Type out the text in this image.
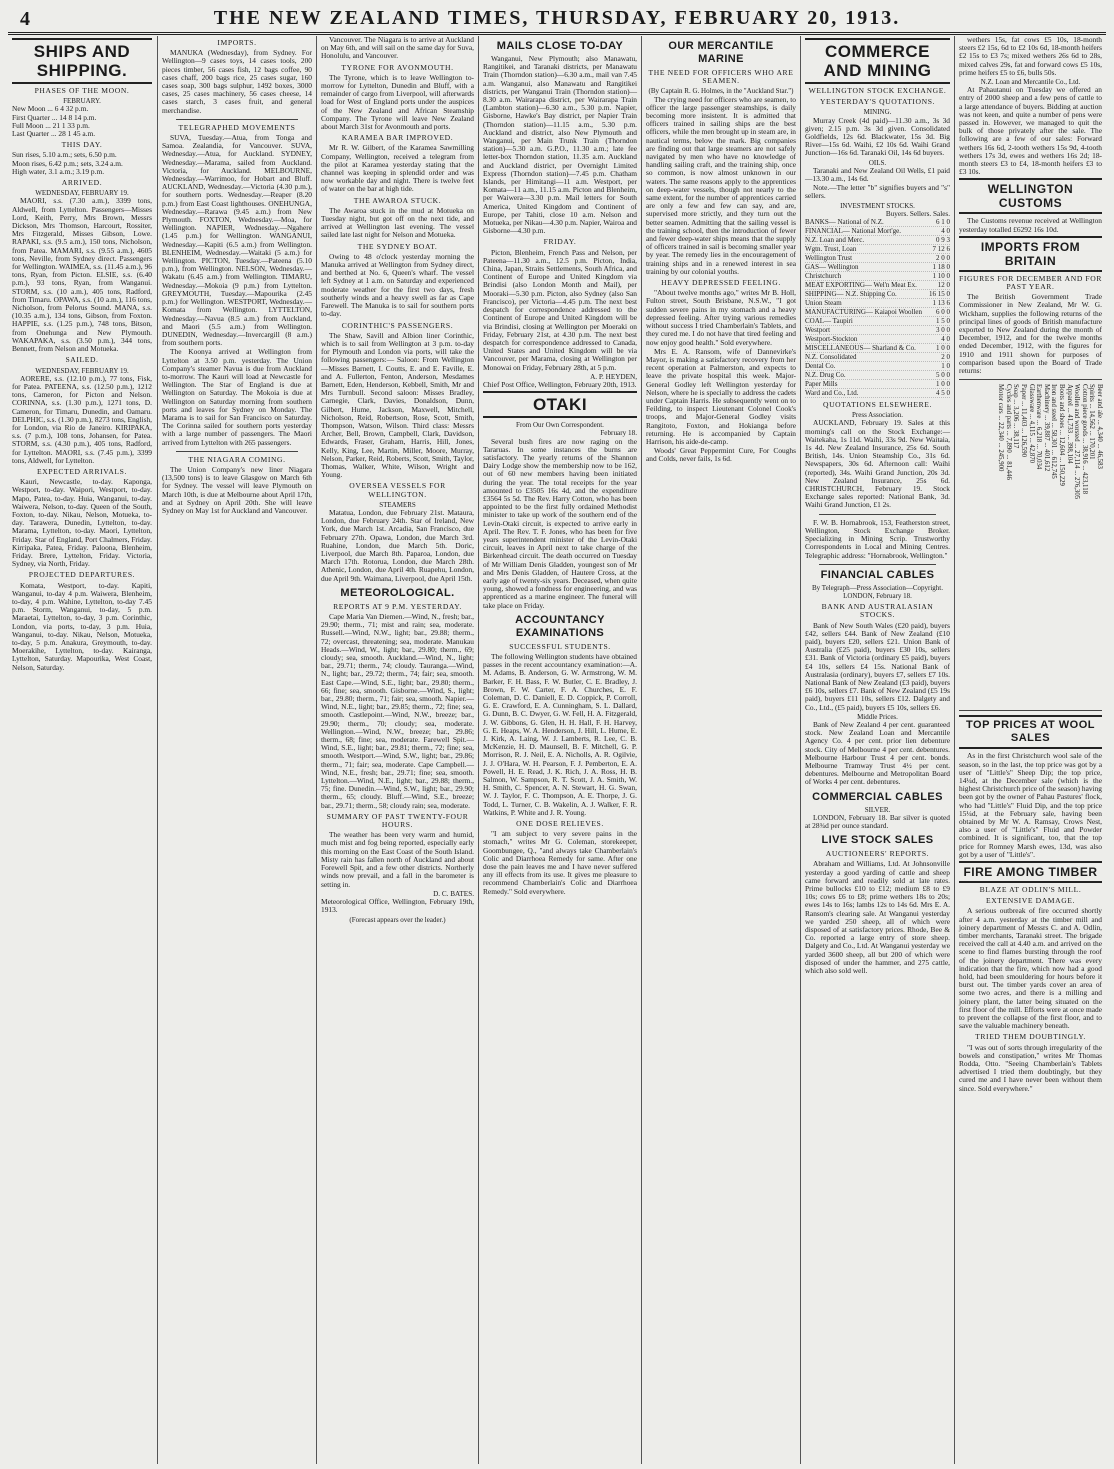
4	THE NEW ZEALAND TIMES, THURSDAY, FEBRUARY 20, 1913.
SHIPS AND SHIPPING.
PHASES OF THE MOON.
FEBRUARY.
New Moon ... 6 4 32 p.m.
First Quarter ... 14 8 14 p.m.
Full Moon ... 21 1 33 p.m.
Last Quarter ... 28 1 45 a.m.
THIS DAY.
Sun rises, 5.10 a.m.; sets, 6.50 p.m.
Moon rises, 6.42 p.m.; sets, 3.24 a.m.
High water, 3.1 a.m.; 3.19 p.m.
ARRIVED.
WEDNESDAY, FEBRUARY 19.
MAORI, s.s. (7.30 a.m.), 3399 tons, Aldwell, from Lyttelton. Passengers—Misses Lord, Keith, Perry, Mrs Brown, Messrs Dickson, Mrs Thomson, Harcourt, Rossiter, Mrs Fitzgerald, Misses Gibson, Lowe. RAPAKI, s.s. (9.5 a.m.), 150 tons, Nicholson, from Patea. MAMARI, s.s. (9.55 a.m.), 4605 tons, Neville, from Sydney direct. Passengers for Wellington. WAIMEA, s.s. (11.45 a.m.), 96 tons, Ryan, from Picton. ELSIE, s.s. (6.40 p.m.), 93 tons, Ryan, from Wanganui. STORM, s.s. (10 a.m.), 405 tons, Radford, from Timaru. OPAWA, s.s. (10 a.m.), 116 tons, Nicholson, from Pelorus Sound. MANA, s.s. (10.35 a.m.), 134 tons, Gibson, from Foxton. HAPPIE, s.s. (1.25 p.m.), 748 tons, Bitson, from Onehunga and New Plymouth. WAKAPAKA, s.s. (3.50 p.m.), 344 tons, Bennett, from Nelson and Motueka.
SAILED.
WEDNESDAY, FEBRUARY 19.
AORERE, s.s. (12.10 p.m.), 77 tons, Fisk, for Patea. PATEENA, s.s. (12.50 p.m.), 1212 tons, Cameron, for Picton and Nelson. CORINNA, s.s. (1.30 p.m.), 1271 tons, D. Cameron, for Timaru, Dunedin, and Oamaru. DELPHIC, s.s. (1.30 p.m.), 8273 tons, English, for London, via Rio de Janeiro. KIRIPAKA, s.s. (7 p.m.), 108 tons, Johansen, for Patea. STORM, s.s. (4.30 p.m.), 405 tons, Radford, for Lyttelton. MAORI, s.s. (7.45 p.m.), 3399 tons, Aldwell, for Lyttelton.
EXPECTED ARRIVALS.
Kauri, Newcastle, to-day. Kaponga, Westport, to-day. Waipori, Westport, to-day. Mapo, Patea, to-day. Huia, Wanganui, to-day. Waiwera, Nelson, to-day. Queen of the South, Foxton, to-day. Nikau, Nelson, Motueka, to-day. Tarawera, Dunedin, Lyttelton, to-day. Marama, Lyttelton, to-day. Maori, Lyttelton, Friday. Star of England, Port Chalmers, Friday. Kirripaka, Patea, Friday. Paloona, Blenheim, Friday. Brere, Lyttelton, Friday. Victoria, Sydney, via North, Friday.
PROJECTED DEPARTURES.
Komata, Westport, to-day. Kapiti, Wanganui, to-day 4 p.m. Waiwera, Blenheim, to-day, 4 p.m. Wahine, Lyttelton, to-day 7.45 p.m. Storm, Wanganui, to-day, 5 p.m. Maraetai, Lyttelton, to-day, 3 p.m. Corinthic, London, via ports, to-day, 3 p.m. Huia, Wanganui, to-day. Nikau, Nelson, Motueka, to-day, 5 p.m. Anakura, Greymouth, to-day. Moerakihe, Lyttelton, to-day. Kairanga, Lyttelton, Saturday. Mapourika, West Coast, Nelson, Saturday.
IMPORTS.
MANUKA (Wednesday), from Sydney. For Wellington—9 cases toys, 14 cases tools, 200 pieces timber, 56 cases fish, 12 bags coffee, 90 cases chaff, 200 bags rice, 25 cases sugar, 160 cases soap, 300 bags sulphur, 1492 boxes, 3000 cases, 25 cases machinery, 56 cases cheese, 14 cases starch, 3 cases fruit, and general merchandise.
TELEGRAPHED MOVEMENTS
SUVA, Tuesday.—Atua, from Tonga and Samoa. Zealandia, for Vancouver. SUVA, Wednesday.—Atua, for Auckland. SYDNEY, Wednesday.—Marama, sailed from Auckland. Victoria, for Auckland. MELBOURNE, Wednesday.—Warrimoo, for Hobart and Bluff. AUCKLAND, Wednesday.—Victoria (4.30 p.m.), for southern ports. Wednesday.—Reaper (8.20 p.m.) from East Coast lighthouses. ONEHUNGA, Wednesday.—Rarawa (9.45 a.m.) from New Plymouth. FOXTON, Wednesday.—Moa, for Wellington. NAPIER, Wednesday.—Ngahere (1.45 p.m.) for Wellington. WANGANUI, Wednesday.—Kapiti (6.5 a.m.) from Wellington. BLENHEIM, Wednesday.—Waitaki (5 a.m.) for Wellington. PICTON, Tuesday.—Pateena (5.10 p.m.), from Wellington. NELSON, Wednesday.—Wakatu (6.45 a.m.) from Wellington. TIMARU, Wednesday.—Mokoia (9 p.m.) from Lyttelton. GREYMOUTH, Tuesday.—Mapourika (2.45 p.m.) for Wellington. WESTPORT, Wednesday.—Komata from Wellington. LYTTELTON, Wednesday.—Navua (8.5 a.m.) from Auckland, and Maori (5.5 a.m.) from Wellington. DUNEDIN, Wednesday.—Invercargill (8 a.m.) from southern ports.
The Koonya arrived at Wellington from Lyttelton at 3.50 p.m. yesterday. The Union Company's steamer Navua is due from Auckland to-morrow. The Kauri will load at Newcastle for Wellington. The Star of England is due at Wellington on Saturday. The Mokoia is due at Wellington on Saturday morning from southern ports and leaves for Sydney on Monday. The Marama is to sail for San Francisco on Saturday. The Corinna sailed for southern ports yesterday with a large number of passengers. The Maori arrived from Lyttelton with 265 passengers.
THE NIAGARA COMING.
The Union Company's new liner Niagara (13,500 tons) is to leave Glasgow on March 6th for Sydney. The vessel will leave Plymouth on March 10th, is due at Melbourne about April 17th, and at Sydney on April 20th. She will leave Sydney on May 1st for Auckland and Vancouver.
Vancouver. The Niagara is to arrive at Auckland on May 6th, and will sail on the same day for Suva, Honolulu, and Vancouver.
TYRONE FOR AVONMOUTH.
The Tyrone, which is to leave Wellington to-morrow for Lyttelton, Dunedin and Bluff, with a remainder of cargo from Liverpool, will afterwards load for West of England ports under the auspices of the New Zealand and African Steamship Company. The Tyrone will leave New Zealand about March 31st for Avonmouth and ports.
KARAMEA BAR IMPROVED.
Mr R. W. Gilbert, of the Karamea Sawmilling Company, Wellington, received a telegram from the pilot at Karamea yesterday stating that the channel was keeping in splendid order and was now workable day and night. There is twelve feet of water on the bar at high tide.
THE AWAROA STUCK.
The Awaroa stuck in the mud at Motueka on Tuesday night, but got off on the next tide, and arrived at Wellington last evening. The vessel sailed late last night for Nelson and Motueka.
THE SYDNEY BOAT.
Owing to 48 o'clock yesterday morning the Manuka arrived at Wellington from Sydney direct, and berthed at No. 6, Queen's wharf. The vessel left Sydney at 1 a.m. on Saturday and experienced moderate weather for the first two days, fresh southerly winds and a heavy swell as far as Cape Farewell. The Manuka is to sail for southern ports to-day.
CORINTHIC'S PASSENGERS.
The Shaw, Savill and Albion liner Corinthic, which is to sail from Wellington at 3 p.m. to-day for Plymouth and London via ports, will take the following passengers:— Saloon: From Wellington—Misses Barnett, I. Coutts, E. and E. Faville, E. and A. Fullerton, Fenton, Anderson, Mesdames Barnett, Eden, Henderson, Kebbell, Smith, Mr and Mrs Turnbull. Second saloon: Misses Bradley, Carnegie, Clark, Davies, Donaldson, Dunn, Gilbert, Hume, Jackson, Maxwell, Mitchell, Nicholson, Reid, Robertson, Rose, Scott, Smith, Thompson, Watson, Wilson. Third class: Messrs Archer, Bell, Brown, Campbell, Clark, Davidson, Edwards, Fraser, Graham, Harris, Hill, Jones, Kelly, King, Lee, Martin, Miller, Moore, Murray, Nelson, Parker, Reid, Roberts, Scott, Smith, Taylor, Thomas, Walker, White, Wilson, Wright and Young.
OVERSEA VESSELS FOR WELLINGTON.
STEAMERS
Matatua, London, due February 21st. Mataura, London, due February 24th. Star of Ireland, New York, due March 1st. Arcadia, San Francisco, due February 27th. Opawa, London, due March 3rd. Ruahine, London, due March 5th. Doric, Liverpool, due March 8th. Paparoa, London, due March 17th. Rotorua, London, due March 28th. Athenic, London, due April 4th. Ruapehu, London, due April 9th. Waimana, Liverpool, due April 15th.
METEOROLOGICAL.
REPORTS AT 9 P.M. YESTERDAY.
Cape Maria Van Diemen.—Wind, N., fresh; bar., 29.90; therm., 71; mist and rain; sea, moderate. Russell.—Wind, N.W., light; bar., 29.88; therm., 72; overcast, threatening; sea, moderate. Manukau Heads.—Wind, W., light; bar., 29.80; therm., 69; cloudy; sea, smooth. Auckland.—Wind, N., light; bar., 29.71; therm., 74; cloudy. Tauranga.—Wind, N., light; bar., 29.72; therm., 74; fair; sea, smooth. East Cape.—Wind, S.E., light; bar., 29.80; therm., 66; fine; sea, smooth. Gisborne.—Wind, S., light; bar., 29.80; therm., 71; fair; sea, smooth. Napier.—Wind, N.E., light; bar., 29.85; therm., 72; fine; sea, smooth. Castlepoint.—Wind, N.W., breeze; bar., 29.90; therm., 70; cloudy; sea, moderate. Wellington.—Wind, N.W., breeze; bar., 29.86; therm., 68; fine; sea, moderate. Farewell Spit.—Wind, S.E., light; bar., 29.81; therm., 72; fine; sea, smooth. Westport.—Wind, S.W., light; bar., 29.86; therm., 71; fair; sea, moderate. Cape Campbell.—Wind, N.E., fresh; bar., 29.71; fine; sea, smooth. Lyttelton.—Wind, N.E., light; bar., 29.88; therm., 75; fine. Dunedin.—Wind, S.W., light; bar., 29.90; therm., 65; cloudy. Bluff.—Wind, S.E., breeze; bar., 29.71; therm., 58; cloudy rain; sea, moderate.
SUMMARY OF PAST TWENTY-FOUR HOURS.
The weather has been very warm and humid, much mist and fog being reported, especially early this morning on the East Coast of the South Island. Misty rain has fallen north of Auckland and about Forewell Spit, and a few other districts. Northerly winds now prevail, and a fall in the barometer is setting in.
D. C. BATES.
Meteorological Office, Wellington, February 19th, 1913.
(Forecast appears over the leader.)
MAILS CLOSE TO-DAY
Wanganui, New Plymouth; also Manawatu, Rangitikei, and Taranaki districts, per Manawatu Train (Thorndon station)—6.30 a.m., mail van 7.45 a.m. Wanganui, also Manawatu and Rangitikei districts, per Wanganui Train (Thorndon station)—8.30 a.m. Wairarapa district, per Wairarapa Train (Lambton station)—6.30 a.m., 5.30 p.m. Napier, Gisborne, Hawke's Bay district, per Napier Train (Thorndon station)—11.15 a.m., 5.30 p.m. Auckland and district, also New Plymouth and Wanganui, per Main Trunk Train (Thorndon station)—5.30 a.m. G.P.O., 11.30 a.m.; late fee letter-box Thorndon station, 11.35 a.m. Auckland and Auckland district, per Overnight Limited Express (Thorndon station)—7.45 p.m. Chatham Islands, per Himitangi—11 a.m. Westport, per Komata—11 a.m., 11.15 a.m. Picton and Blenheim, per Waiwera—3.30 p.m. Mail letters for South America, United Kingdom and Continent of Europe, per Tahiti, close 10 a.m. Nelson and Motueka, per Nikau—4.30 p.m. Napier, Wairoa and Gisborne—4.30 p.m.
FRIDAY.
Picton, Blenheim, French Pass and Nelson, per Pateena—11.30 a.m., 12.5 p.m. Picton, India, China, Japan, Straits Settlements, South Africa, and Continent of Europe and United Kingdom via Brindisi (also London Month and Mail), per Mooraki—5.30 p.m. Picton, also Sydney (also San Francisco), per Victoria—4.45 p.m. The next best despatch for correspondence addressed to the Continent of Europe and United Kingdom will be via Brindisi, closing at Wellington per Moeraki on Friday, February 21st, at 4.30 p.m. The next best despatch for correspondence addressed to Canada, United States and United Kingdom will be via Vancouver, per Marama, closing at Wellington per Monowai on Friday, February 28th, at 5 p.m.
A. P. HEYDEN,
Chief Post Office, Wellington, February 20th, 1913.
OTAKI
From Our Own Correspondent.
February 18.
Several bush fires are now raging on the Tararuas. In some instances the burns are satisfactory. The yearly returns of the Shannon Dairy Lodge show the membership now to be 162, out of 60 new members having been initiated during the year. The total receipts for the year amounted to £3505 16s 4d, and the expenditure £3564 5s 5d. The Rev. Harry Cotton, who has been appointed to be the first fully ordained Methodist minister to take up work of the southern end of the Levin-Otaki circuit, is expected to arrive early in April. The Rev. T. F. Jones, who has been for five years superintendent minister of the Levin-Otaki circuit, leaves in April next to take charge of the Birkenhead circuit. The death occurred on Tuesday of Mr William Denis Gladden, youngest son of Mr and Mrs Denis Gladden, of Hautere Cross, at the early age of twenty-six years. Deceased, when quite young, showed a fondness for engineering, and was apprenticed as a marine engineer. The funeral will take place on Friday.
ACCOUNTANCY EXAMINATIONS
SUCCESSFUL STUDENTS.
The following Wellington students have obtained passes in the recent accountancy examination:—A. M. Adams, B. Anderson, G. W. Armstrong, W. M. Barker, F. H. Bass, F. W. Butler, C. E. Bradley, J. Brown, F. W. Carter, F. A. Churches, E. F. Coleman, D. C. Daniell, E. D. Coppick, P. Corroll, G. E. Crawford, E. A. Cunningham, S. L. Dallard, G. Dunn, B. C. Dwyer, G. W. Fell, H. A. Fitzgerald, J. W. Gibbons, G. Glen, H. H. Hall, F. H. Harvey, G. E. Heaps, W. A. Henderson, J. Hill, L. Hume, E. J. Kirk, A. Laing, W. J. Lamberts, R. Lee, C. B. McKenzie, H. D. Maunsell, B. F. Mitchell, G. P. Morrison, R. J. Neil, E. A. Nicholls, A. R. Ogilvie, J. J. O'Hara, W. H. Pearson, F. J. Pemberton, E. A. Powell, H. E. Read, J. K. Rich, J. A. Ross, H. B. Salmon, W. Sampson, R. T. Scott, J. A. Smith, W. H. Smith, C. Spencer, A. N. Stewart, H. G. Swan, W. J. Taylor, F. C. Thompson, A. E. Thorpe, J. G. Todd, L. Turner, C. B. Wakelin, A. J. Walker, F. R. Watkins, P. White and J. R. Young.
ONE DOSE RELIEVES.
"I am subject to very severe pains in the stomach," writes Mr G. Coleman, storekeeper, Goombungee, Q., "and always take Chamberlain's Colic and Diarrhoea Remedy for same. After one dose the pain leaves me and I have never suffered any ill effects from its use. It gives me pleasure to recommend Chamberlain's Colic and Diarrhoea Remedy." Sold everywhere.
OUR MERCANTILE MARINE
THE NEED FOR OFFICERS WHO ARE SEAMEN.
(By Captain R. G. Holmes, in the "Auckland Star.")
The crying need for officers who are seamen, to officer the large passenger steamships, is daily becoming more insistent. It is admitted that officers trained in sailing ships are the best officers, while the men brought up in steam are, in nautical terms, below the mark. Big companies are finding out that large steamers are not safely navigated by men who have no knowledge of handling sailing craft, and the training ship, once so common, is now almost unknown in our waters. The same reasons apply to the apprentices on deep-water vessels, though not nearly to the same extent, for the number of apprentices carried are only a few and few can say, and are, supervised more strictly, and they turn out the better seamen. Admitting that the sailing vessel is the training school, then the introduction of fewer and fewer deep-water ships means that the supply of officers trained in sail is becoming smaller year by year. The remedy lies in the encouragement of training ships and in a renewed interest in sea training by our colonial youths.
HEAVY DEPRESSED FEELING.
"About twelve months ago," writes Mr B. Holl, Fulton street, South Brisbane, N.S.W., "I got sudden severe pains in my stomach and a heavy depressed feeling. After trying various remedies without success I tried Chamberlain's Tablets, and they cured me. I do not have that tired feeling and now enjoy good health." Sold everywhere.
Mrs E. A. Ransom, wife of Dannevirke's Mayor, is making a satisfactory recovery from her recent operation at Palmerston, and expects to leave the private hospital this week. Major-General Godley left Wellington yesterday for Nelson, where he is specially to address the cadets under Captain Harris. He subsequently went on to Feilding, to inspect Lieutenant Colonel Cook's troops, and Major-General Godley visits Rangitoto, Foxton, and Hokianga before returning. He is accompanied by Captain Harrison, his aide-de-camp.
Woods' Great Peppermint Cure, For Coughs and Colds, never fails, 1s 6d.
COMMERCE AND MINING
WELLINGTON STOCK EXCHANGE.
YESTERDAY'S QUOTATIONS.
MINING.
Murray Creek (4d paid)—11.30 a.m., 3s 3d given; 2.15 p.m. 3s 3d given. Consolidated Goldfields, 12s 6d. Blackwater, 15s 3d. Big River—15s 6d. Waihi, £2 10s 6d. Waihi Grand Junction—16s 6d. Taranaki Oil, 14s 6d buyers.
OILS.
Taranaki and New Zealand Oil Wells, £1 paid—13.30 a.m., 14s 6d.
Note.—The letter "b" signifies buyers and "s" sellers.
INVESTMENT STOCKS.
Buyers. Sellers. Sales.
BANKS— National of N.Z.	6 1 0
FINANCIAL— National Mort'ge.	4 0
N.Z. Loan and Merc.	0 9 3
Wgtn. Trust, Loan	7 12 6
Wellington Trust	2 0 0
GAS— Wellington	1 18 0
Christchurch	1 10 0
MEAT EXPORTING— Wel'n Meat Ex.	12 0
SHIPPING— N.Z. Shipping Co.	16 15 0
Union Steam	1 13 6
MANUFACTURING— Kaiapoi Woollen 6 0 0
COAL— Taupiri	1 5 0
Westport	3 0 0
Westport-Stockton	4 0
MISCELLANEOUS— Sharland & Co.	1 0 0
N.Z. Consolidated	2 0
Dental Co.	1 0
N.Z. Drug Co.	5 0 0
Paper Mills	1 0 0
Ward and Co., Ltd.	4 5 0
QUOTATIONS ELSEWHERE.
Press Association.
AUCKLAND, February 19. Sales at this morning's call on the Stock Exchange:— Waitekaha, 1s 11d. Waihi, 33s 9d. New Waitaia, 1s 4d. New Zealand Insurance, 25s 6d. South British, 14s. Union Steamship Co., 31s 6d. Newspapers, 30s 6d. Afternoon call: Waihi (reported), 34s. Waihi Grand Junction, 20s 3d. New Zealand Insurance, 25s 6d. CHRISTCHURCH, February 19. Stock Exchange sales reported: National Bank, 3d. Waihi Grand Junction, £1 2s.
F. W. B. Hornabrook, 153, Featherston street, Wellington, Stock Exchange Broker. Specializing in Mining Scrip. Trustworthy Correspondents in Local and Mining Centres. Telegraphic address: "Hornabrook, Wellington."
FINANCIAL CABLES
By Telegraph—Press Association—Copyright. LONDON, February 18.
BANK AND AUSTRALASIAN STOCKS.
Bank of New South Wales (£20 paid), buyers £42, sellers £44. Bank of New Zealand (£10 paid), buyers £20, sellers £21. Union Bank of Australia (£25 paid), buyers £30 10s, sellers £31. Bank of Victoria (ordinary £5 paid), buyers £4 10s, sellers £4 15s. National Bank of Australasia (ordinary), buyers £7, sellers £7 10s. National Bank of New Zealand (£3 paid), buyers £6 10s, sellers £7. Bank of New Zealand (£5 19s paid), buyers £11 10s, sellers £12. Dalgety and Co., Ltd., (£5 paid), buyers £5 10s, sellers £6.
Middle Prices.
Bank of New Zealand 4 per cent. guaranteed stock. New Zealand Loan and Mercantile Agency Co. 4 per cent. prior lien debenture stock. City of Melbourne 4 per cent. debentures. Melbourne Harbour Trust 4 per cent. bonds. Melbourne Tramway Trust 4½ per cent. debentures. Melbourne and Metropolitan Board of Works 4 per cent. debentures.
COMMERCIAL CABLES
SILVER.
LONDON, February 18. Bar silver is quoted at 28¾d per ounce standard.
LIVE STOCK SALES
AUCTIONEERS' REPORTS.
Abraham and Williams, Ltd. At Johnsonville yesterday a good yarding of cattle and sheep came forward and readily sold at late rates. Prime bullocks £10 to £12; medium £8 to £9 10s; cows £6 to £8; prime wethers 18s to 20s; ewes 14s to 16s; lambs 12s to 14s 6d. Mrs E. A. Ransom's clearing sale. At Wanganui yesterday we yarded 250 sheep, all of which were disposed of at satisfactory prices. Rhode, Bee & Co. reported a large entry of store sheep. Dalgety and Co., Ltd. At Wanganui yesterday we yarded 3600 sheep, all but 200 of which were disposed of under the hammer, and 275 cattle, which also sold well.
wethers 15s, fat cows £5 10s, 18-month steers £2 15s, 6d to £2 10s 6d, 18-month heifers £2 15s to £3 7s; mixed wethers 26s 6d to 28s, mixed calves 29s, fat and forward cows £5 10s, prime heifers £5 to £6, bulls 50s.
N.Z. Loan and Mercantile Co., Ltd.
At Pahautanui on Tuesday we offered an entry of 2000 sheep and a few pens of cattle to a large attendance of buyers. Bidding at auction was not keen, and quite a number of pens were passed in. However, we managed to quit the bulk of those privately after the sale. The following are a few of our sales: Forward wethers 16s 6d, 2-tooth wethers 15s 9d, 4-tooth wethers 17s 3d, ewes and wethers 16s 2d; 18-month steers £3 to £4, 18-month heifers £3 to £3 10s.
WELLINGTON CUSTOMS
The Customs revenue received at Wellington yesterday totalled £6292 16s 10d.
IMPORTS FROM BRITAIN
FIGURES FOR DECEMBER AND FOR PAST YEAR.
The British Government Trade Commissioner in New Zealand, Mr W. G. Wickham, supplies the following returns of the principal lines of goods of British manufacture exported to New Zealand during the month of December, 1912, and for the twelve months ended December, 1912, with the figures for 1910 and 1911 shown for purposes of comparison based upon the Board of Trade returns:
Beer and ale ... 4,340 ... 46,583
Spirits ... 14,562 ... 170,201
Cotton piece goods ... 38,916 ... 423,118
Woollen and worsted ... 27,114 ... 276,305
Apparel ... 41,733 ... 398,104
Boots and shoes ... 12,604 ... 150,229
Iron and steel ... 58,301 ... 612,745
Machinery ... 39,887 ... 401,612
Earthenware ... 6,218 ... 70,034
Glassware ... 4,115 ... 42,870
Paper ... 11,403 ... 126,590
Soap ... 3,206 ... 38,117
Cycles and parts ... 7,890 ... 81,446
Motor cars ... 22,340 ... 245,900
TOP PRICES AT WOOL SALES
As in the first Christchurch wool sale of the season, so in the last, the top price was got by a user of "Little's" Sheep Dip; the top price, 14¼d, at the December sale (which is the highest Christchurch price of the season) having been got by the owner of Pahau Pastures' flock, who had "Little's" Fluid Dip, and the top price 15¼d, at the February sale, having been obtained by Mr W. A. Ramsay, Crows Nest, also a user of "Little's" Fluid and Powder combined. It is significant, too, that the top price for Romney Marsh ewes, 13d, was also got by a user of "Little's".
FIRE AMONG TIMBER
BLAZE AT ODLIN'S MILL.
EXTENSIVE DAMAGE.
A serious outbreak of fire occurred shortly after 4 a.m. yesterday at the timber mill and joinery department of Messrs C. and A. Odlin, timber merchants, Taranaki street. The brigade received the call at 4.40 a.m. and arrived on the scene to find flames bursting through the roof of the joinery department. There was every indication that the fire, which now had a good hold, had been smouldering for hours before it burst out. The timber yards cover an area of some two acres, and there is a milling and joinery plant, the latter being situated on the first floor of the mill. Efforts were at once made to prevent the collapse of the first floor, and to save the valuable machinery beneath.
TRIED THEM DOUBTINGLY.
"I was out of sorts through irregularity of the bowels and constipation," writes Mr Thomas Rodda, Otto. "Seeing Chamberlain's Tablets advertised I tried them doubtingly, but they cured me and I have never been without them since. Sold everywhere."
